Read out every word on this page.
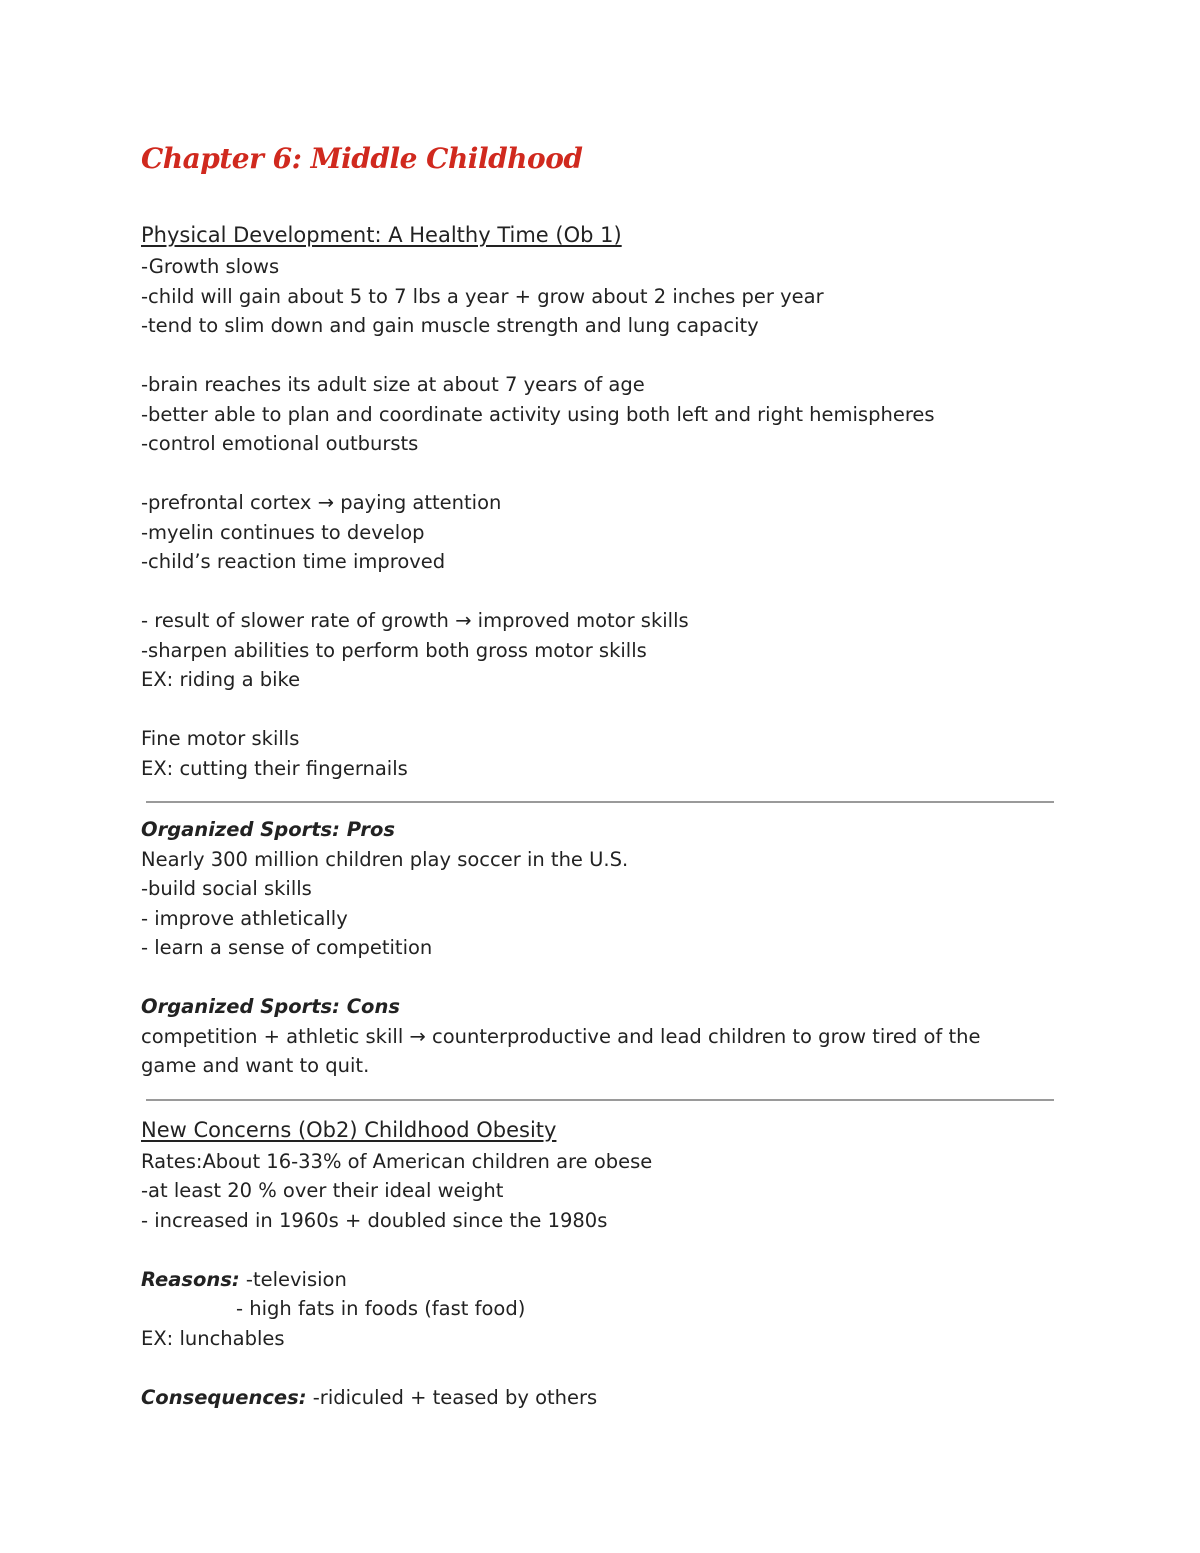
Chapter 6: Middle Childhood
Physical Development: A Healthy Time (Ob 1)
-Growth slows
-child will gain about 5 to 7 lbs a year + grow about 2 inches per year
-tend to slim down and gain muscle strength and lung capacity
-brain reaches its adult size at about 7 years of age
-better able to plan and coordinate activity using both left and right hemispheres
-control emotional outbursts
-prefrontal cortex → paying attention
-myelin continues to develop
-child’s reaction time improved
- result of slower rate of growth → improved motor skills
-sharpen abilities to perform both gross motor skills
EX: riding a bike
Fine motor skills
EX: cutting their fingernails
Organized Sports: Pros
Nearly 300 million children play soccer in the U.S.
-build social skills
- improve athletically
- learn a sense of competition
Organized Sports: Cons
competition + athletic skill → counterproductive and lead children to grow tired of the game and want to quit.
New Concerns (Ob2) Childhood Obesity
Rates:About 16-33% of American children are obese
-at least 20 % over their ideal weight
- increased in 1960s + doubled since the 1980s
Reasons: -television
- high fats in foods (fast food)
EX: lunchables
Consequences: -ridiculed + teased by others
